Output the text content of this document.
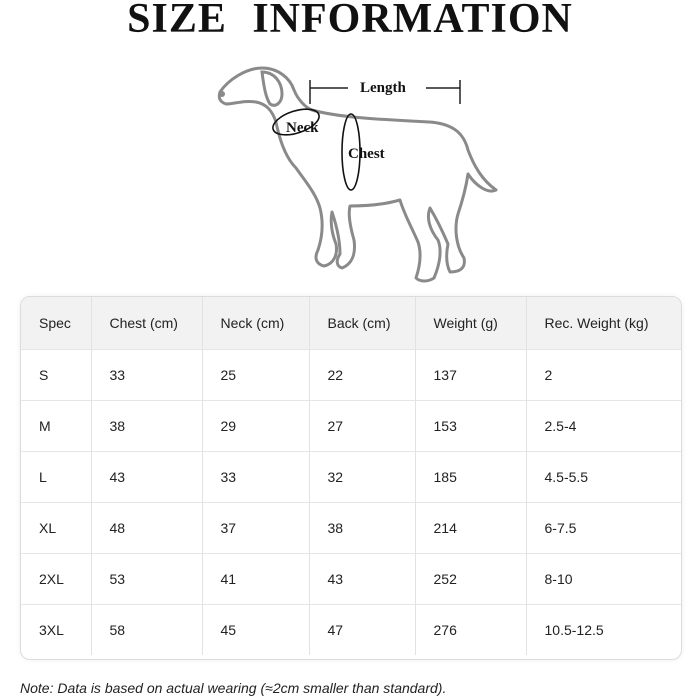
SIZE INFORMATION
Length
Neck
Chest
Spec	Chest (cm)	Neck (cm)	Back (cm)	Weight (g)	Rec. Weight (kg)
S	33	25	22	137	2
M	38	29	27	153	2.5-4
L	43	33	32	185	4.5-5.5
XL	48	37	38	214	6-7.5
2XL	53	41	43	252	8-10
3XL	58	45	47	276	10.5-12.5
Note: Data is based on actual wearing (≈2cm smaller than standard).
